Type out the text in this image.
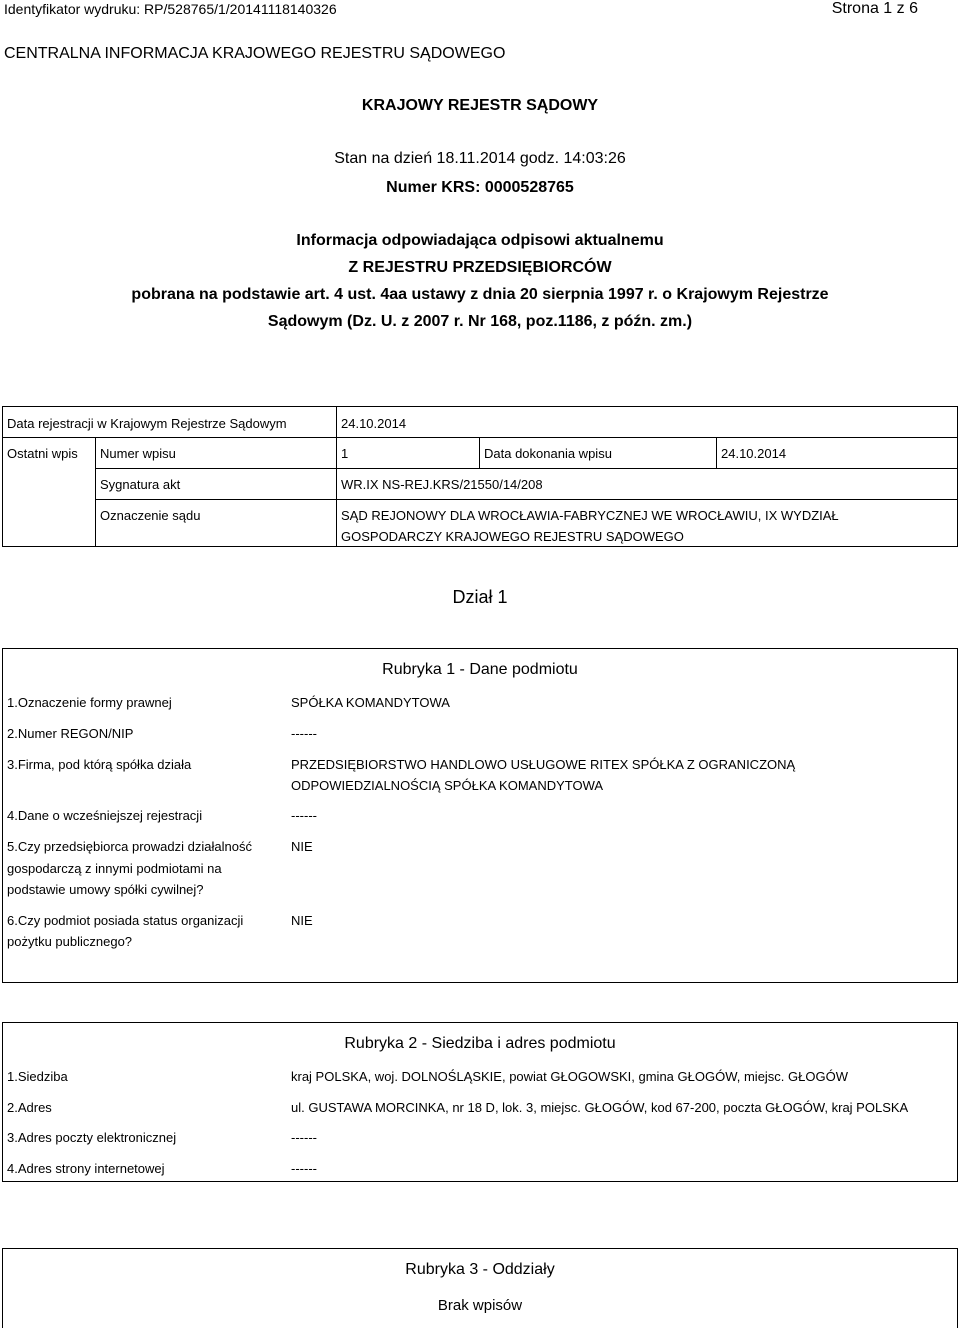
Identyfikator wydruku: RP/528765/1/20141118140326	Strona 1 z 6
CENTRALNA INFORMACJA KRAJOWEGO REJESTRU SĄDOWEGO
KRAJOWY REJESTR SĄDOWY
Stan na dzień 18.11.2014 godz. 14:03:26
Numer KRS: 0000528765
Informacja odpowiadająca odpisowi aktualnemu
Z REJESTRU PRZEDSIĘBIORCÓW
pobrana na podstawie art. 4 ust. 4aa ustawy z dnia 20 sierpnia 1997 r. o Krajowym Rejestrze
Sądowym (Dz. U. z 2007 r. Nr 168, poz.1186, z późn. zm.)
Data rejestracji w Krajowym Rejestrze Sądowym	24.10.2014
Ostatni wpis Numer wpisu	1	Data dokonania wpisu	24.10.2014
Sygnatura akt	WR.IX NS-REJ.KRS/21550/14/208
Oznaczenie sądu	SĄD REJONOWY DLA WROCŁAWIA-FABRYCZNEJ WE WROCŁAWIU, IX WYDZIAŁ
GOSPODARCZY KRAJOWEGO REJESTRU SĄDOWEGO
Dział 1
Rubryka 1 - Dane podmiotu
1.Oznaczenie formy prawnej	SPÓŁKA KOMANDYTOWA
2.Numer REGON/NIP	------
3.Firma, pod którą spółka działa	PRZEDSIĘBIORSTWO HANDLOWO USŁUGOWE RITEX SPÓŁKA Z OGRANICZONĄ
ODPOWIEDZIALNOŚCIĄ SPÓŁKA KOMANDYTOWA
4.Dane o wcześniejszej rejestracji	------
5.Czy przedsiębiorca prowadzi działalność
gospodarczą z innymi podmiotami na
podstawie umowy spółki cywilnej?
NIE
6.Czy podmiot posiada status organizacji
pożytku publicznego?
NIE
Rubryka 2 - Siedziba i adres podmiotu
1.Siedziba	kraj POLSKA, woj. DOLNOŚLĄSKIE, powiat GŁOGOWSKI, gmina GŁOGÓW, miejsc. GŁOGÓW
2.Adres	ul. GUSTAWA MORCINKA, nr 18 D, lok. 3, miejsc. GŁOGÓW, kod 67-200, poczta GŁOGÓW, kraj POLSKA
3.Adres poczty elektronicznej	------
4.Adres strony internetowej	------
Rubryka 3 - Oddziały
Brak wpisów
